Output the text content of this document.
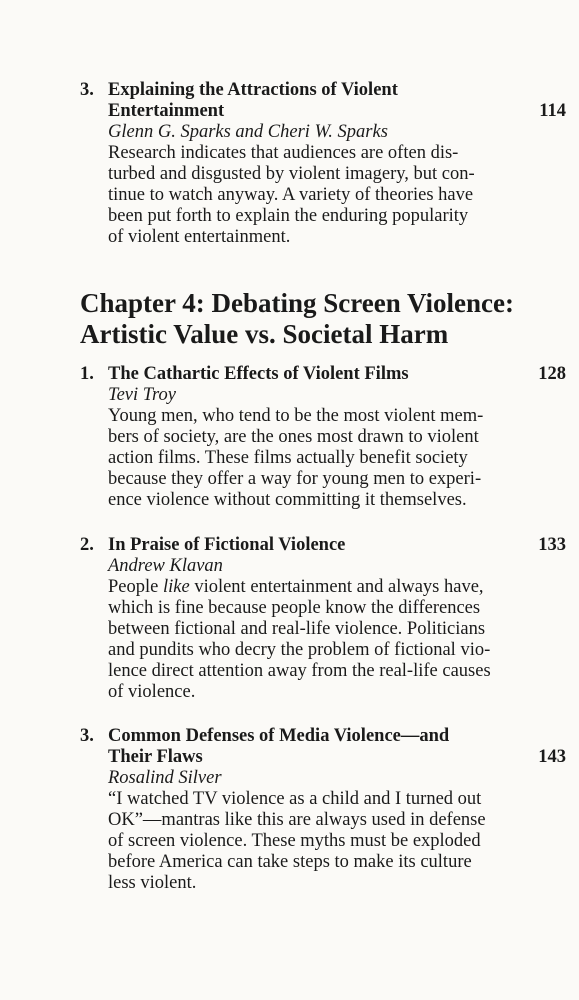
3. Explaining the Attractions of Violent
Entertainment	114
Glenn G. Sparks and Cheri W. Sparks
Research indicates that audiences are often dis-
turbed and disgusted by violent imagery, but con-
tinue to watch anyway. A variety of theories have
been put forth to explain the enduring popularity
of violent entertainment.
Chapter 4: Debating Screen Violence:
Artistic Value vs. Societal Harm
1. The Cathartic Effects of Violent Films	128
Tevi Troy
Young men, who tend to be the most violent mem-
bers of society, are the ones most drawn to violent
action films. These films actually benefit society
because they offer a way for young men to experi-
ence violence without committing it themselves.
2. In Praise of Fictional Violence	133
Andrew Klavan
People like violent entertainment and always have,
which is fine because people know the differences
between fictional and real-life violence. Politicians
and pundits who decry the problem of fictional vio-
lence direct attention away from the real-life causes
of violence.
3. Common Defenses of Media Violence—and
Their Flaws	143
Rosalind Silver
“I watched TV violence as a child and I turned out
OK”—mantras like this are always used in defense
of screen violence. These myths must be exploded
before America can take steps to make its culture
less violent.
